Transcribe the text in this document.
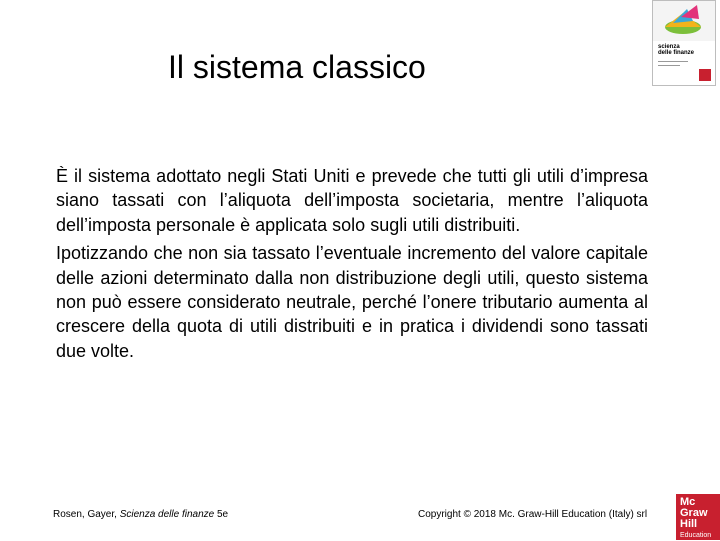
scienza
delle finanze
Il sistema classico

È il sistema adottato negli Stati Uniti e prevede che tutti gli utili d’impresa siano tassati con l’aliquota dell’imposta societaria, mentre l’aliquota dell’imposta personale è applicata solo sugli utili distribuiti.

Ipotizzando che non sia tassato l’eventuale incremento del valore capitale delle azioni determinato dalla non distribuzione degli utili, questo sistema non può essere considerato neutrale, perché l’onere tributario aumenta al crescere della quota di utili distribuiti e in pratica i dividendi sono tassati due volte.

Rosen, Gayer, Scienza delle finanze 5e	Copyright © 2018 Mc. Graw-Hill Education (Italy) srl
Mc
Graw
Hill
Education
